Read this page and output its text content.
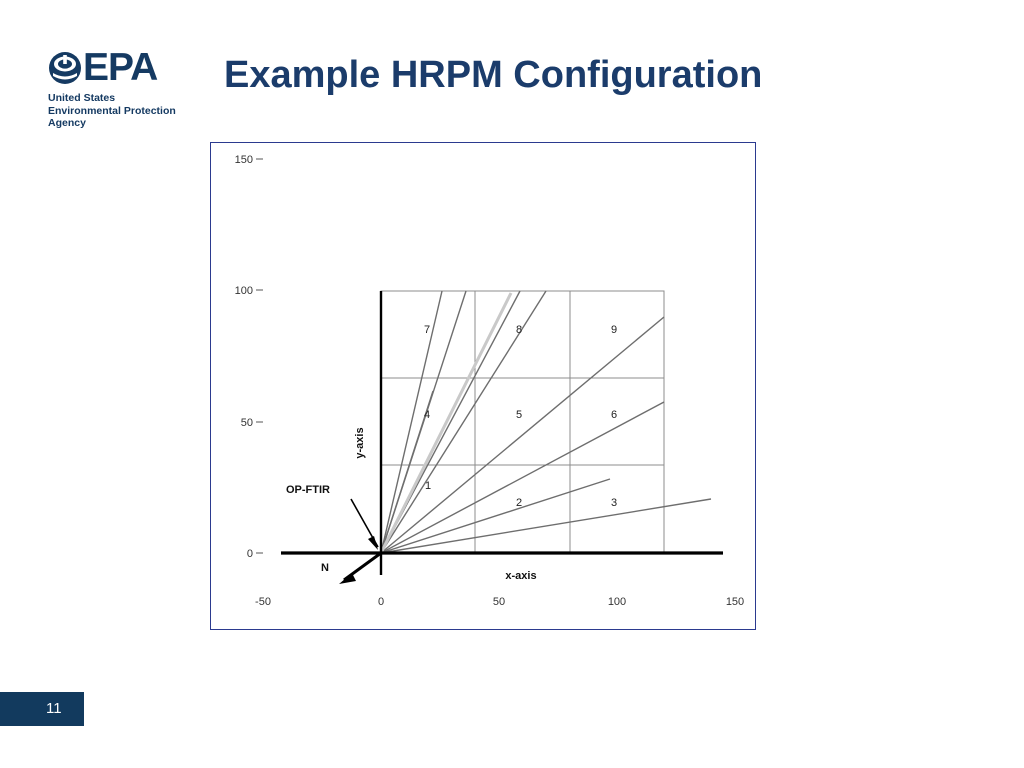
EPA
United States
Environmental Protection
Agency
Example HRPM Configuration
150
100
50
0
-50	0	50	100	150
1
2	3
4	5	6
7	8	9
x-axis
y-axis
OP-FTIR
N
11
